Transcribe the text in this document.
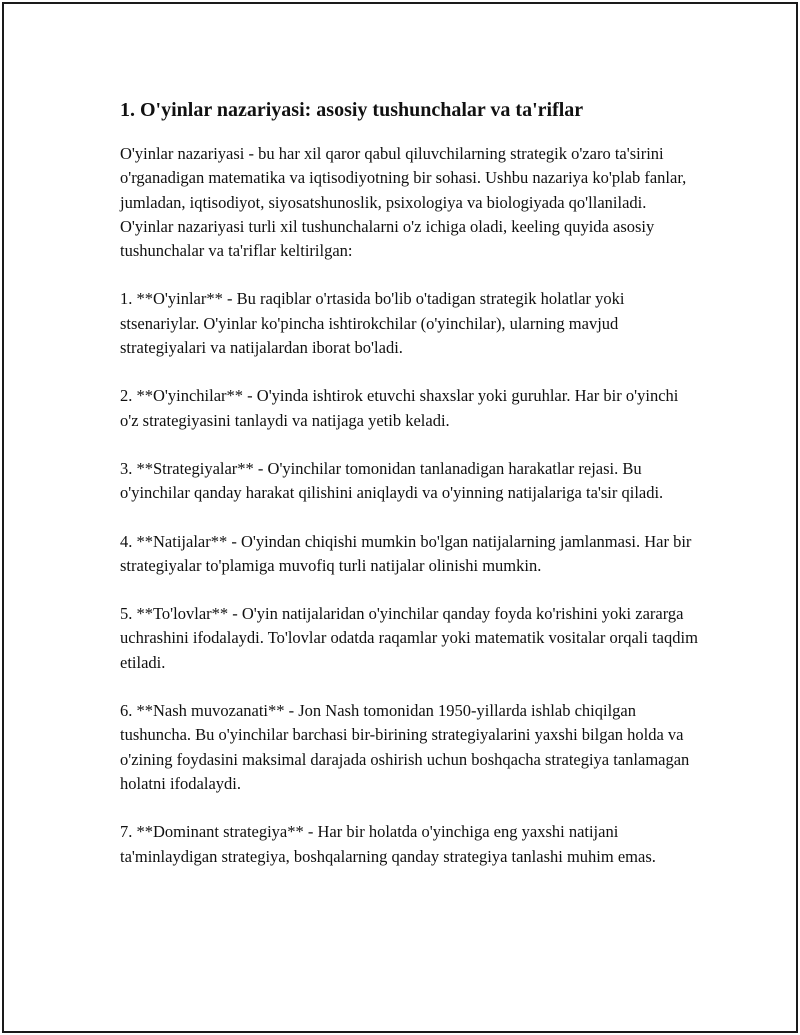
1. O'yinlar nazariyasi: asosiy tushunchalar va ta'riflar

O'yinlar nazariyasi - bu har xil qaror qabul qiluvchilarning strategik o'zaro ta'sirini o'rganadigan matematika va iqtisodiyotning bir sohasi. Ushbu nazariya ko'plab fanlar, jumladan, iqtisodiyot, siyosatshunoslik, psixologiya va biologiyada qo'llaniladi. O'yinlar nazariyasi turli xil tushunchalarni o'z ichiga oladi, keeling quyida asosiy tushunchalar va ta'riflar keltirilgan:

1. **O'yinlar** - Bu raqiblar o'rtasida bo'lib o'tadigan strategik holatlar yoki stsenariylar. O'yinlar ko'pincha ishtirokchilar (o'yinchilar), ularning mavjud strategiyalari va natijalardan iborat bo'ladi.

2. **O'yinchilar** - O'yinda ishtirok etuvchi shaxslar yoki guruhlar. Har bir o'yinchi o'z strategiyasini tanlaydi va natijaga yetib keladi.

3. **Strategiyalar** - O'yinchilar tomonidan tanlanadigan harakatlar rejasi. Bu o'yinchilar qanday harakat qilishini aniqlaydi va o'yinning natijalariga ta'sir qiladi.

4. **Natijalar** - O'yindan chiqishi mumkin bo'lgan natijalarning jamlanmasi. Har bir strategiyalar to'plamiga muvofiq turli natijalar olinishi mumkin.

5. **To'lovlar** - O'yin natijalaridan o'yinchilar qanday foyda ko'rishini yoki zararga uchrashini ifodalaydi. To'lovlar odatda raqamlar yoki matematik vositalar orqali taqdim etiladi.

6. **Nash muvozanati** - Jon Nash tomonidan 1950-yillarda ishlab chiqilgan tushuncha. Bu o'yinchilar barchasi bir-birining strategiyalarini yaxshi bilgan holda va o'zining foydasini maksimal darajada oshirish uchun boshqacha strategiya tanlamagan holatni ifodalaydi.

7. **Dominant strategiya** - Har bir holatda o'yinchiga eng yaxshi natijani ta'minlaydigan strategiya, boshqalarning qanday strategiya tanlashi muhim emas.
